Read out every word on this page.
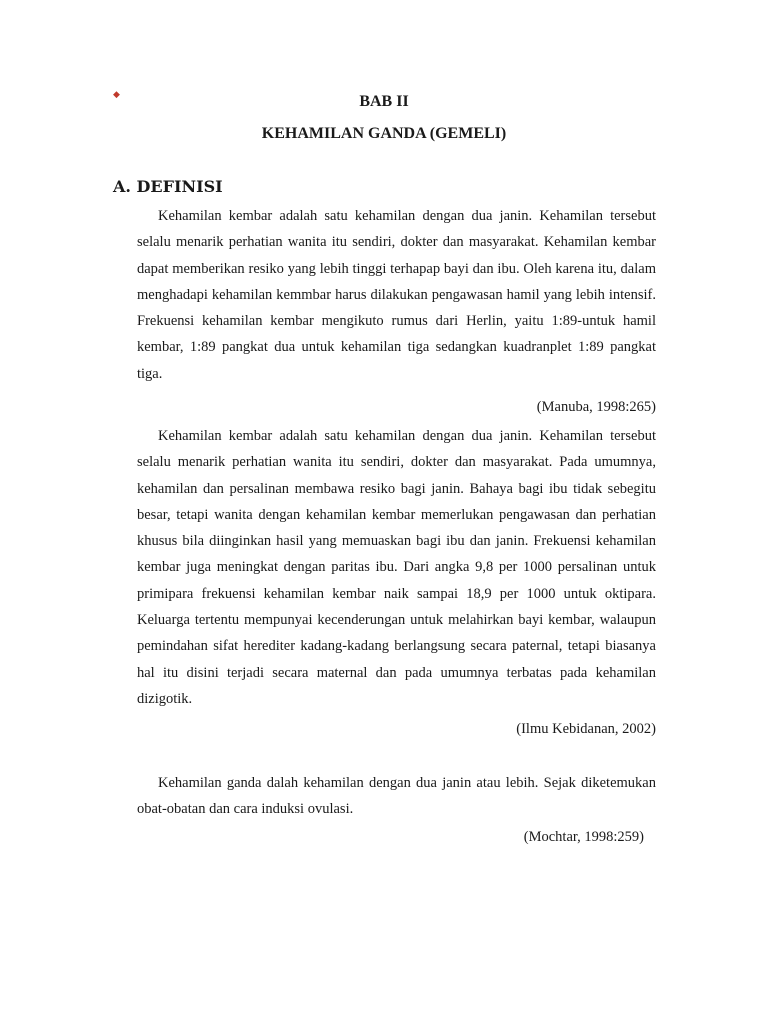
◆	BAB II
KEHAMILAN GANDA (GEMELI)
A. DEFINISI

Kehamilan kembar adalah satu kehamilan dengan dua janin. Kehamilan tersebut selalu menarik perhatian wanita itu sendiri, dokter dan masyarakat. Kehamilan kembar dapat memberikan resiko yang lebih tinggi terhapap bayi dan ibu. Oleh karena itu, dalam menghadapi kehamilan kemmbar harus dilakukan pengawasan hamil yang lebih intensif. Frekuensi kehamilan kembar mengikuto rumus dari Herlin, yaitu 1:89-untuk hamil kembar, 1:89 pangkat dua untuk kehamilan tiga sedangkan kuadranplet 1:89 pangkat tiga.

(Manuba, 1998:265)

Kehamilan kembar adalah satu kehamilan dengan dua janin. Kehamilan tersebut selalu menarik perhatian wanita itu sendiri, dokter dan masyarakat. Pada umumnya, kehamilan dan persalinan membawa resiko bagi janin. Bahaya bagi ibu tidak sebegitu besar, tetapi wanita dengan kehamilan kembar memerlukan pengawasan dan perhatian khusus bila diinginkan hasil yang memuaskan bagi ibu dan janin. Frekuensi kehamilan kembar juga meningkat dengan paritas ibu. Dari angka 9,8 per 1000 persalinan untuk primipara frekuensi kehamilan kembar naik sampai 18,9 per 1000 untuk oktipara. Keluarga tertentu mempunyai kecenderungan untuk melahirkan bayi kembar, walaupun pemindahan sifat herediter kadang-kadang berlangsung secara paternal, tetapi biasanya hal itu disini terjadi secara maternal dan pada umumnya terbatas pada kehamilan dizigotik.

(Ilmu Kebidanan, 2002)

Kehamilan ganda dalah kehamilan dengan dua janin atau lebih. Sejak diketemukan obat-obatan dan cara induksi ovulasi.

(Mochtar, 1998:259)
